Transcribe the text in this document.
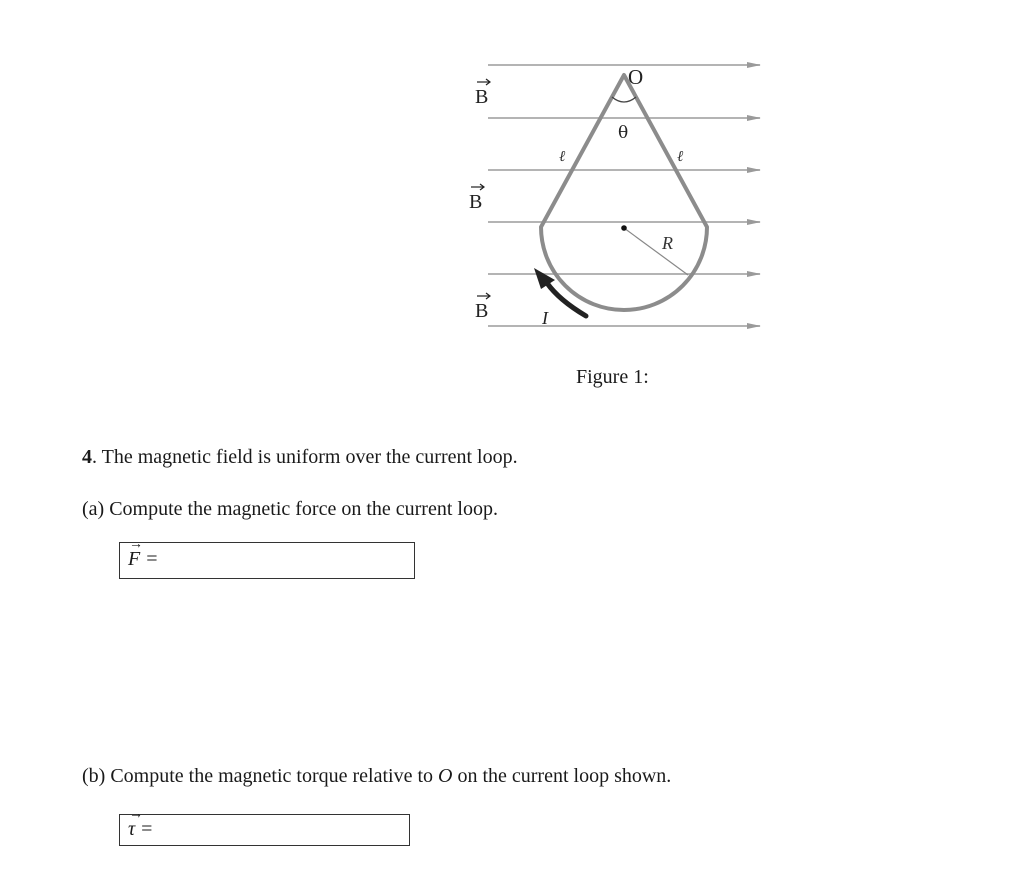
B
B
B
O
θ
ℓ	ℓ
R
I
Figure 1:
4. The magnetic field is uniform over the current loop.
(a) Compute the magnetic force on the current loop.
→ F =
(b) Compute the magnetic torque relative to O on the current loop shown.
→ τ =
